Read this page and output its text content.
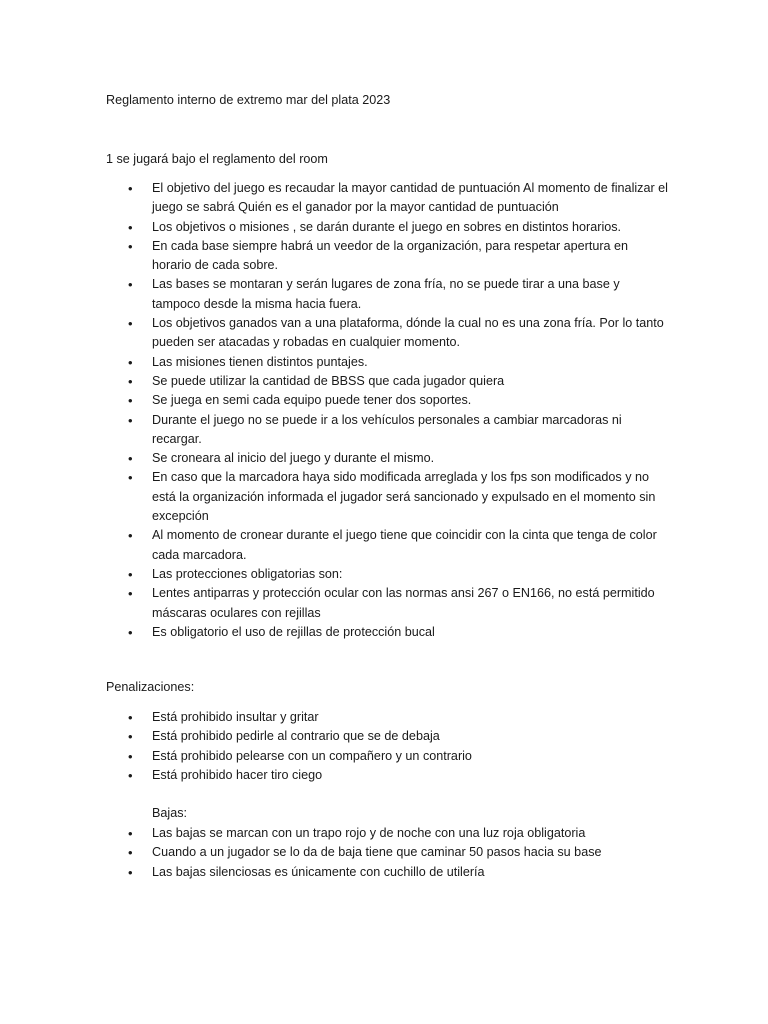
Reglamento interno de extremo mar del plata 2023

1 se jugará bajo el reglamento del room

• El objetivo del juego es recaudar la mayor cantidad de puntuación Al momento de finalizar el juego se sabrá Quién es el ganador por la mayor cantidad de puntuación
• Los objetivos o misiones , se darán durante el juego en sobres en distintos horarios.
• En cada base siempre habrá un veedor de la organización, para respetar apertura en horario de cada sobre.
• Las bases se montaran y serán lugares de zona fría, no se puede tirar a una base y tampoco desde la misma hacia fuera.
• Los objetivos ganados van a una plataforma, dónde la cual no es una zona fría. Por lo tanto pueden ser atacadas y robadas en cualquier momento.
• Las misiones tienen distintos puntajes.
• Se puede utilizar la cantidad de BBSS que cada jugador quiera
• Se juega en semi cada equipo puede tener dos soportes.
• Durante el juego no se puede ir a los vehículos personales a cambiar marcadoras ni recargar.
• Se croneara al inicio del juego y durante el mismo.
• En caso que la marcadora haya sido modificada arreglada y los fps son modificados y no está la organización informada el jugador será sancionado y expulsado en el momento sin excepción
• Al momento de cronear durante el juego tiene que coincidir con la cinta que tenga de color cada marcadora.
• Las protecciones obligatorias son:
• Lentes antiparras y protección ocular con las normas ansi 267 o EN166, no está permitido máscaras oculares con rejillas
• Es obligatorio el uso de rejillas de protección bucal

Penalizaciones:

• Está prohibido insultar y gritar
• Está prohibido pedirle al contrario que se de debaja
• Está prohibido pelearse con un compañero y un contrario
• Está prohibido hacer tiro ciego

Bajas:

• Las bajas se marcan con un trapo rojo y de noche con una luz roja obligatoria
• Cuando a un jugador se lo da de baja tiene que caminar 50 pasos hacia su base
• Las bajas silenciosas es únicamente con cuchillo de utilería
